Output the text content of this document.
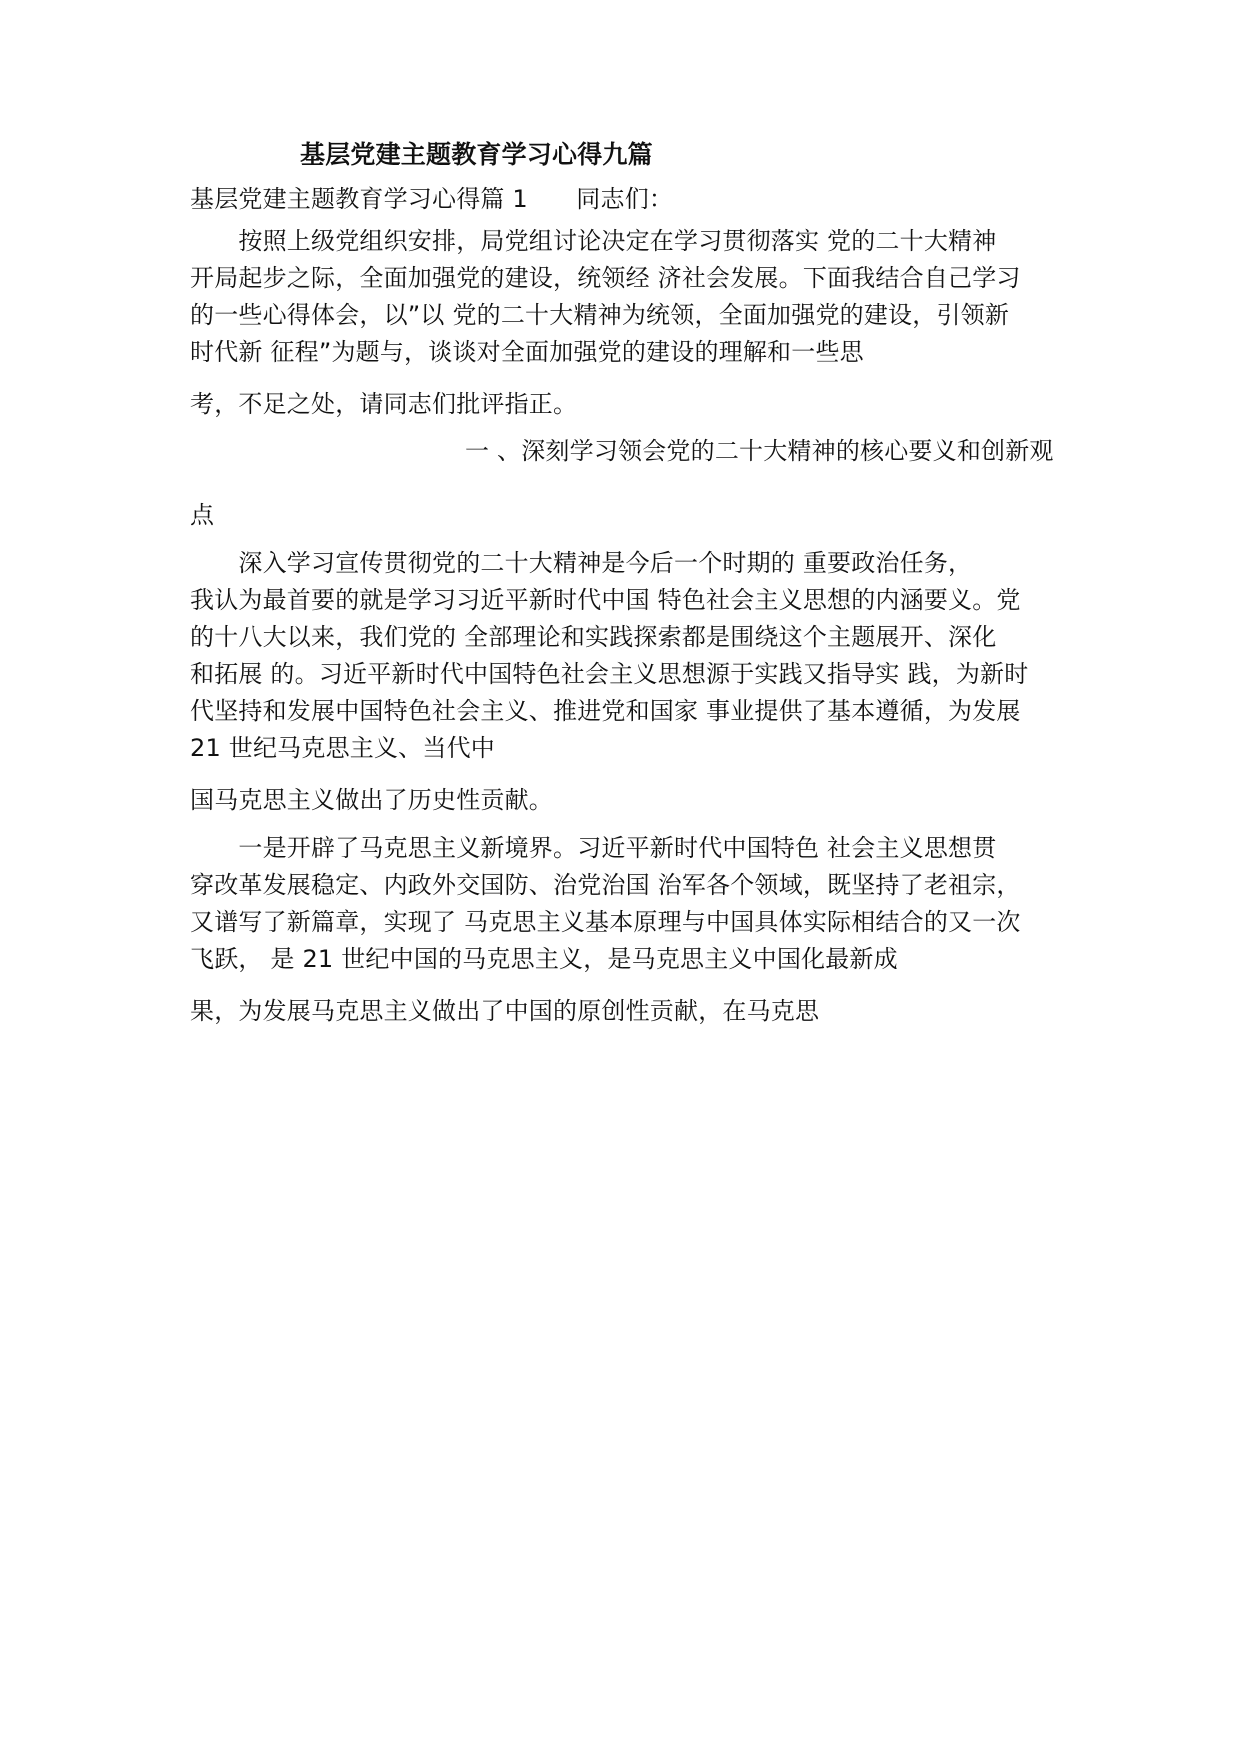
基层党建主题教育学习心得九篇
基层党建主题教育学习心得篇 1　　同志们：
　　按照上级党组织安排，局党组讨论决定在学习贯彻落实 党的二十大精神
开局起步之际，全面加强党的建设，统领经 济社会发展。下面我结合自己学习
的一些心得体会，以”以 党的二十大精神为统领，全面加强党的建设，引领新
时代新 征程”为题与，谈谈对全面加强党的建设的理解和一些思
考，不足之处，请同志们批评指正。
一 、深刻学习领会党的二十大精神的核心要义和创新观
点
　　深入学习宣传贯彻党的二十大精神是今后一个时期的 重要政治任务，
我认为最首要的就是学习习近平新时代中国 特色社会主义思想的内涵要义。党
的十八大以来，我们党的 全部理论和实践探索都是围绕这个主题展开、深化
和拓展 的。习近平新时代中国特色社会主义思想源于实践又指导实 践，为新时
代坚持和发展中国特色社会主义、推进党和国家 事业提供了基本遵循，为发展
21 世纪马克思主义、当代中
国马克思主义做出了历史性贡献。
　　一是开辟了马克思主义新境界。习近平新时代中国特色 社会主义思想贯
穿改革发展稳定、内政外交国防、治党治国 治军各个领域，既坚持了老祖宗，
又谱写了新篇章，实现了 马克思主义基本原理与中国具体实际相结合的又一次
飞跃， 是 21 世纪中国的马克思主义，是马克思主义中国化最新成
果，为发展马克思主义做出了中国的原创性贡献，在马克思
